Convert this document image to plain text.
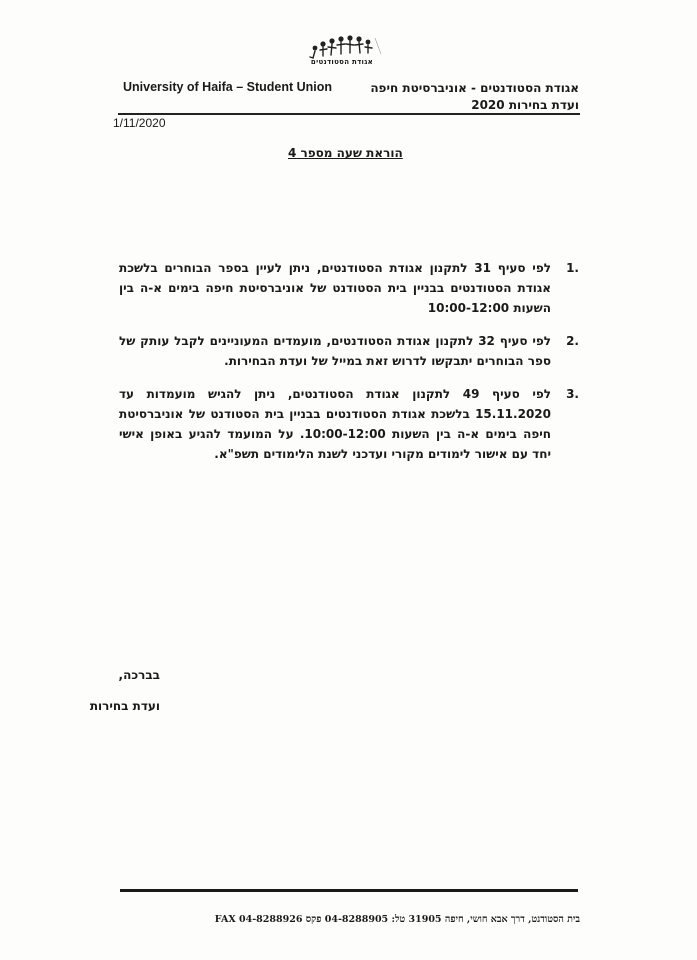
אגודת הסטודנטים
University of Haifa – Student Union	אגודת הסטודנטים - אוניברסיטת חיפה
ועדת בחירות 2020
1/11/2020
הוראת שעה מספר 4
1.
לפי סעיף 31 לתקנון אגודת הסטודנטים, ניתן לעיין בספר הבוחרים בלשכת אגודת הסטודנטים בבניין בית הסטודנט של אוניברסיטת חיפה בימים א-ה בין השעות 10:00-12:00
2.
לפי סעיף 32 לתקנון אגודת הסטודנטים, מועמדים המעוניינים לקבל עותק של ספר הבוחרים יתבקשו לדרוש זאת במייל של ועדת הבחירות.
3.
לפי סעיף 49 לתקנון אגודת הסטודנטים, ניתן להגיש מועמדות עד 15.11.2020 בלשכת אגודת הסטודנטים בבניין בית הסטודנט של אוניברסיטת חיפה בימים א-ה בין השעות 10:00-12:00. על המועמד להגיע באופן אישי יחד עם אישור לימודים מקורי ועדכני לשנת הלימודים תשפ"א.
בברכה,
ועדת בחירות
בית הסטודנט, דרך אבא חושי, חיפה 31905 טל: 04-8288905 פקס FAX 04-8288926
